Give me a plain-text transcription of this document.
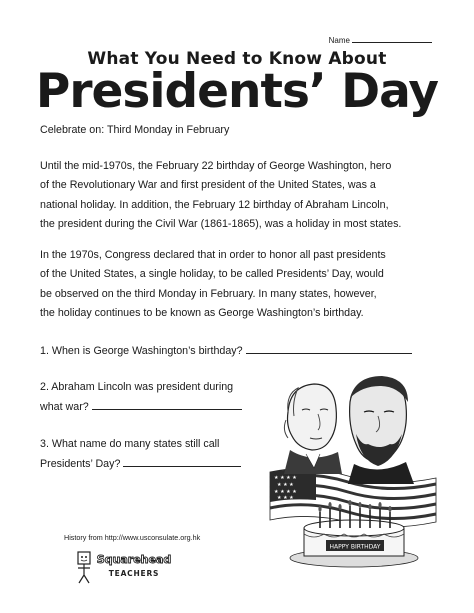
Name
What You Need to Know About
Presidents’ Day
Celebrate on: Third Monday in February
Until the mid-1970s, the February 22 birthday of George Washington, hero
of the Revolutionary War and first president of the United States, was a
national holiday. In addition, the February 12 birthday of Abraham Lincoln,
the president during the Civil War (1861-1865), was a holiday in most states.
In the 1970s, Congress declared that in order to honor all past presidents
of the United States, a single holiday, to be called Presidents’ Day, would
be observed on the third Monday in February. In many states, however,
the holiday continues to be known as George Washington’s birthday.
1. When is George Washington’s birthday?
2. Abraham Lincoln was president during
what war?
3. What name do many states still call
Presidents’ Day?
★ ★ ★ ★
★ ★ ★
★ ★ ★ ★
★ ★ ★
HAPPY BIRTHDAY
History from http://www.usconsulate.org.hk
Squarehead
TEACHERS
